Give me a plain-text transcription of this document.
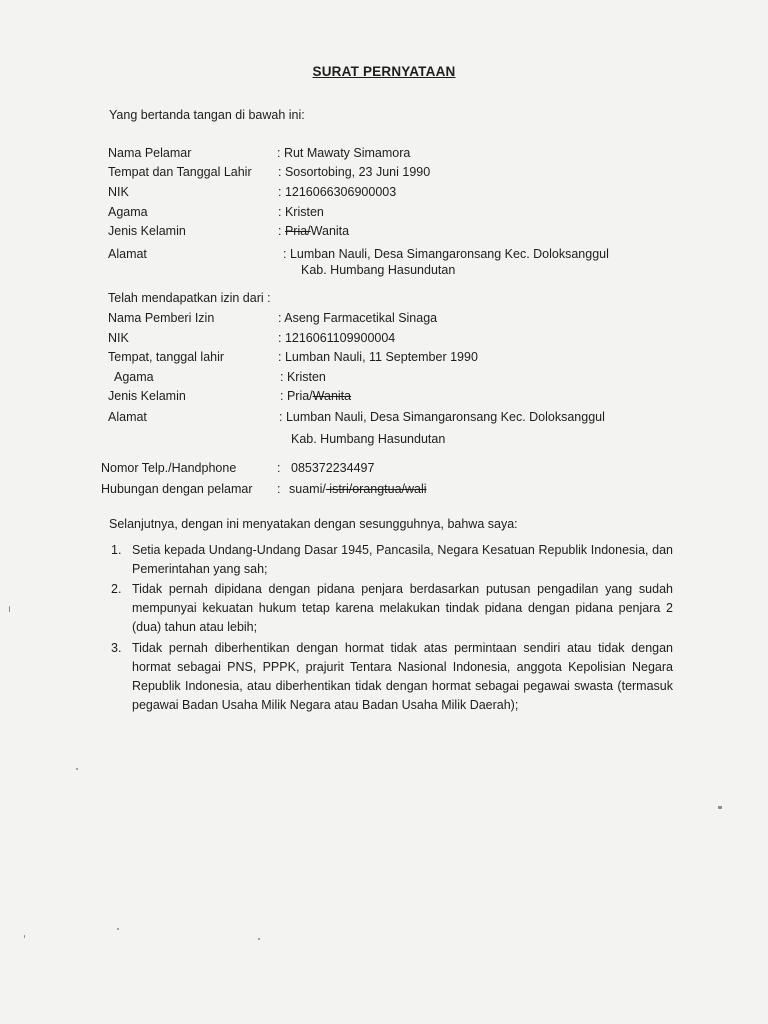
SURAT PERNYATAAN
Yang bertanda tangan di bawah ini:
Nama Pelamar	: Rut Mawaty Simamora
Tempat dan Tanggal Lahir : Sosortobing, 23 Juni 1990
NIK	: 1216066306900003
Agama	: Kristen
Jenis Kelamin	: Pria/Wanita
Alamat	: Lumban Nauli, Desa Simangaronsang Kec. Doloksanggul
Kab. Humbang Hasundutan
Telah mendapatkan izin dari :
Nama Pemberi Izin	: Aseng Farmacetikal Sinaga
NIK	: 1216061109900004
Tempat, tanggal lahir	: Lumban Nauli, 11 September 1990
Agama	: Kristen
Jenis Kelamin	: Pria/Wanita
Alamat	: Lumban Nauli, Desa Simangaronsang Kec. Doloksanggul
Kab. Humbang Hasundutan
Nomor Telp./Handphone	: 085372234497
Hubungan dengan pelamar : suami/ istri/orangtua/wali
Selanjutnya, dengan ini menyatakan dengan sesungguhnya, bahwa saya:
1. Setia kepada Undang-Undang Dasar 1945, Pancasila, Negara Kesatuan Republik Indonesia, dan Pemerintahan yang sah;
2. Tidak pernah dipidana dengan pidana penjara berdasarkan putusan pengadilan yang sudah mempunyai kekuatan hukum tetap karena melakukan tindak pidana dengan pidana penjara 2 (dua) tahun atau lebih;
3. Tidak pernah diberhentikan dengan hormat tidak atas permintaan sendiri atau tidak dengan hormat sebagai PNS, PPPK, prajurit Tentara Nasional Indonesia, anggota Kepolisian Negara Republik Indonesia, atau diberhentikan tidak dengan hormat sebagai pegawai swasta (termasuk pegawai Badan Usaha Milik Negara atau Badan Usaha Milik Daerah);
